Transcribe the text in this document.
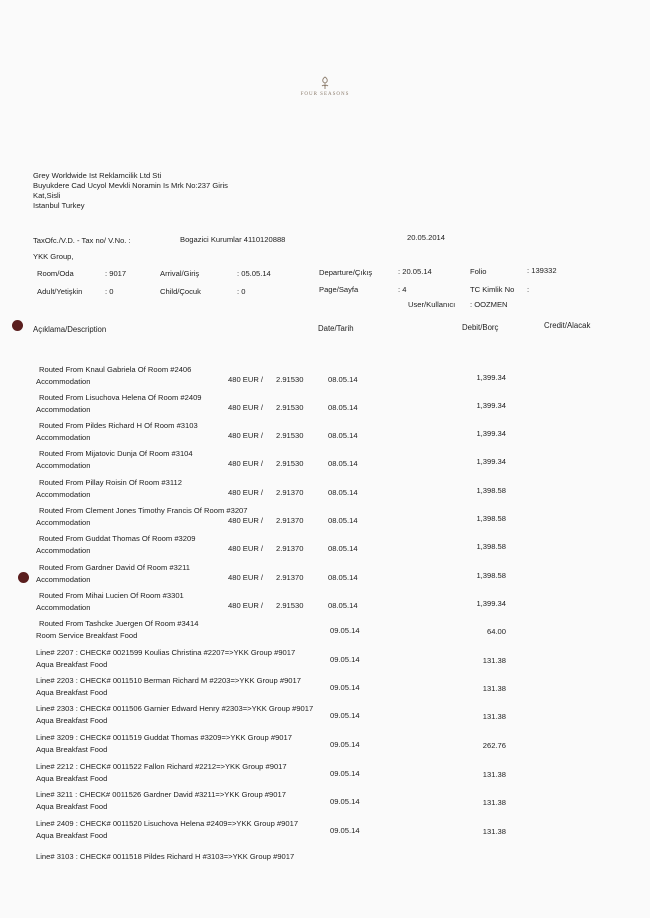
FOUR SEASONS
Grey Worldwide Ist Reklamcilik Ltd Sti
Buyukdere Cad Ucyol Mevkli Noramin Is Mrk No:237 Giris
Kat,Sisli
Istanbul Turkey
TaxOfc./V.D. - Tax no/ V.No. :	Bogazici Kurumlar 4110120888	20.05.2014
YKK Group,
Room/Oda	: 9017	Arrival/Giriş	: 05.05.14	Departure/Çıkış	: 20.05.14	Folio	: 139332
Adult/Yetişkin	: 0	Child/Çocuk	: 0	Page/Sayfa	: 4	TC Kimlik No :
User/Kullanıcı : OOZMEN
Açıklama/Description	Date/Tarih	Debit/Borç	Credit/Alacak
Routed From Knaul Gabriela Of Room #2406
Accommodation	480 EUR / 2.91530	08.05.14	1,399.34
Routed From Lisuchova Helena Of Room #2409
Accommodation	480 EUR / 2.91530	08.05.14	1,399.34
Routed From Pildes Richard H Of Room #3103
Accommodation	480 EUR / 2.91530	08.05.14	1,399.34
Routed From Mijatovic Dunja Of Room #3104
Accommodation	480 EUR / 2.91530	08.05.14	1,399.34
Routed From Pillay Roisin Of Room #3112
Accommodation	480 EUR / 2.91370	08.05.14	1,398.58
Routed From Clement Jones Timothy Francis Of Room #3207
Accommodation	480 EUR / 2.91370	08.05.14	1,398.58
Routed From Guddat Thomas Of Room #3209
Accommodation	480 EUR / 2.91370	08.05.14	1,398.58
Routed From Gardner David Of Room #3211
Accommodation	480 EUR / 2.91370	08.05.14	1,398.58
Routed From Mihai Lucien Of Room #3301
Accommodation	480 EUR / 2.91530	08.05.14	1,399.34
Routed From Tashcke Juergen Of Room #3414
Room Service Breakfast Food
09.05.14	64.00
Line# 2207 : CHECK# 0021599 Koulias Christina #2207=>YKK Group #9017
Aqua Breakfast Food
09.05.14	131.38
Line# 2203 : CHECK# 0011510 Berman Richard M #2203=>YKK Group #9017
Aqua Breakfast Food
09.05.14	131.38
Line# 2303 : CHECK# 0011506 Garnier Edward Henry #2303=>YKK Group #9017
Aqua Breakfast Food
09.05.14	131.38
Line# 3209 : CHECK# 0011519 Guddat Thomas #3209=>YKK Group #9017
Aqua Breakfast Food
09.05.14	262.76
Line# 2212 : CHECK# 0011522 Fallon Richard #2212=>YKK Group #9017
Aqua Breakfast Food
09.05.14	131.38
Line# 3211 : CHECK# 0011526 Gardner David #3211=>YKK Group #9017
Aqua Breakfast Food
09.05.14	131.38
Line# 2409 : CHECK# 0011520 Lisuchova Helena #2409=>YKK Group #9017
Aqua Breakfast Food
09.05.14	131.38
Line# 3103 : CHECK# 0011518 Pildes Richard H #3103=>YKK Group #9017
